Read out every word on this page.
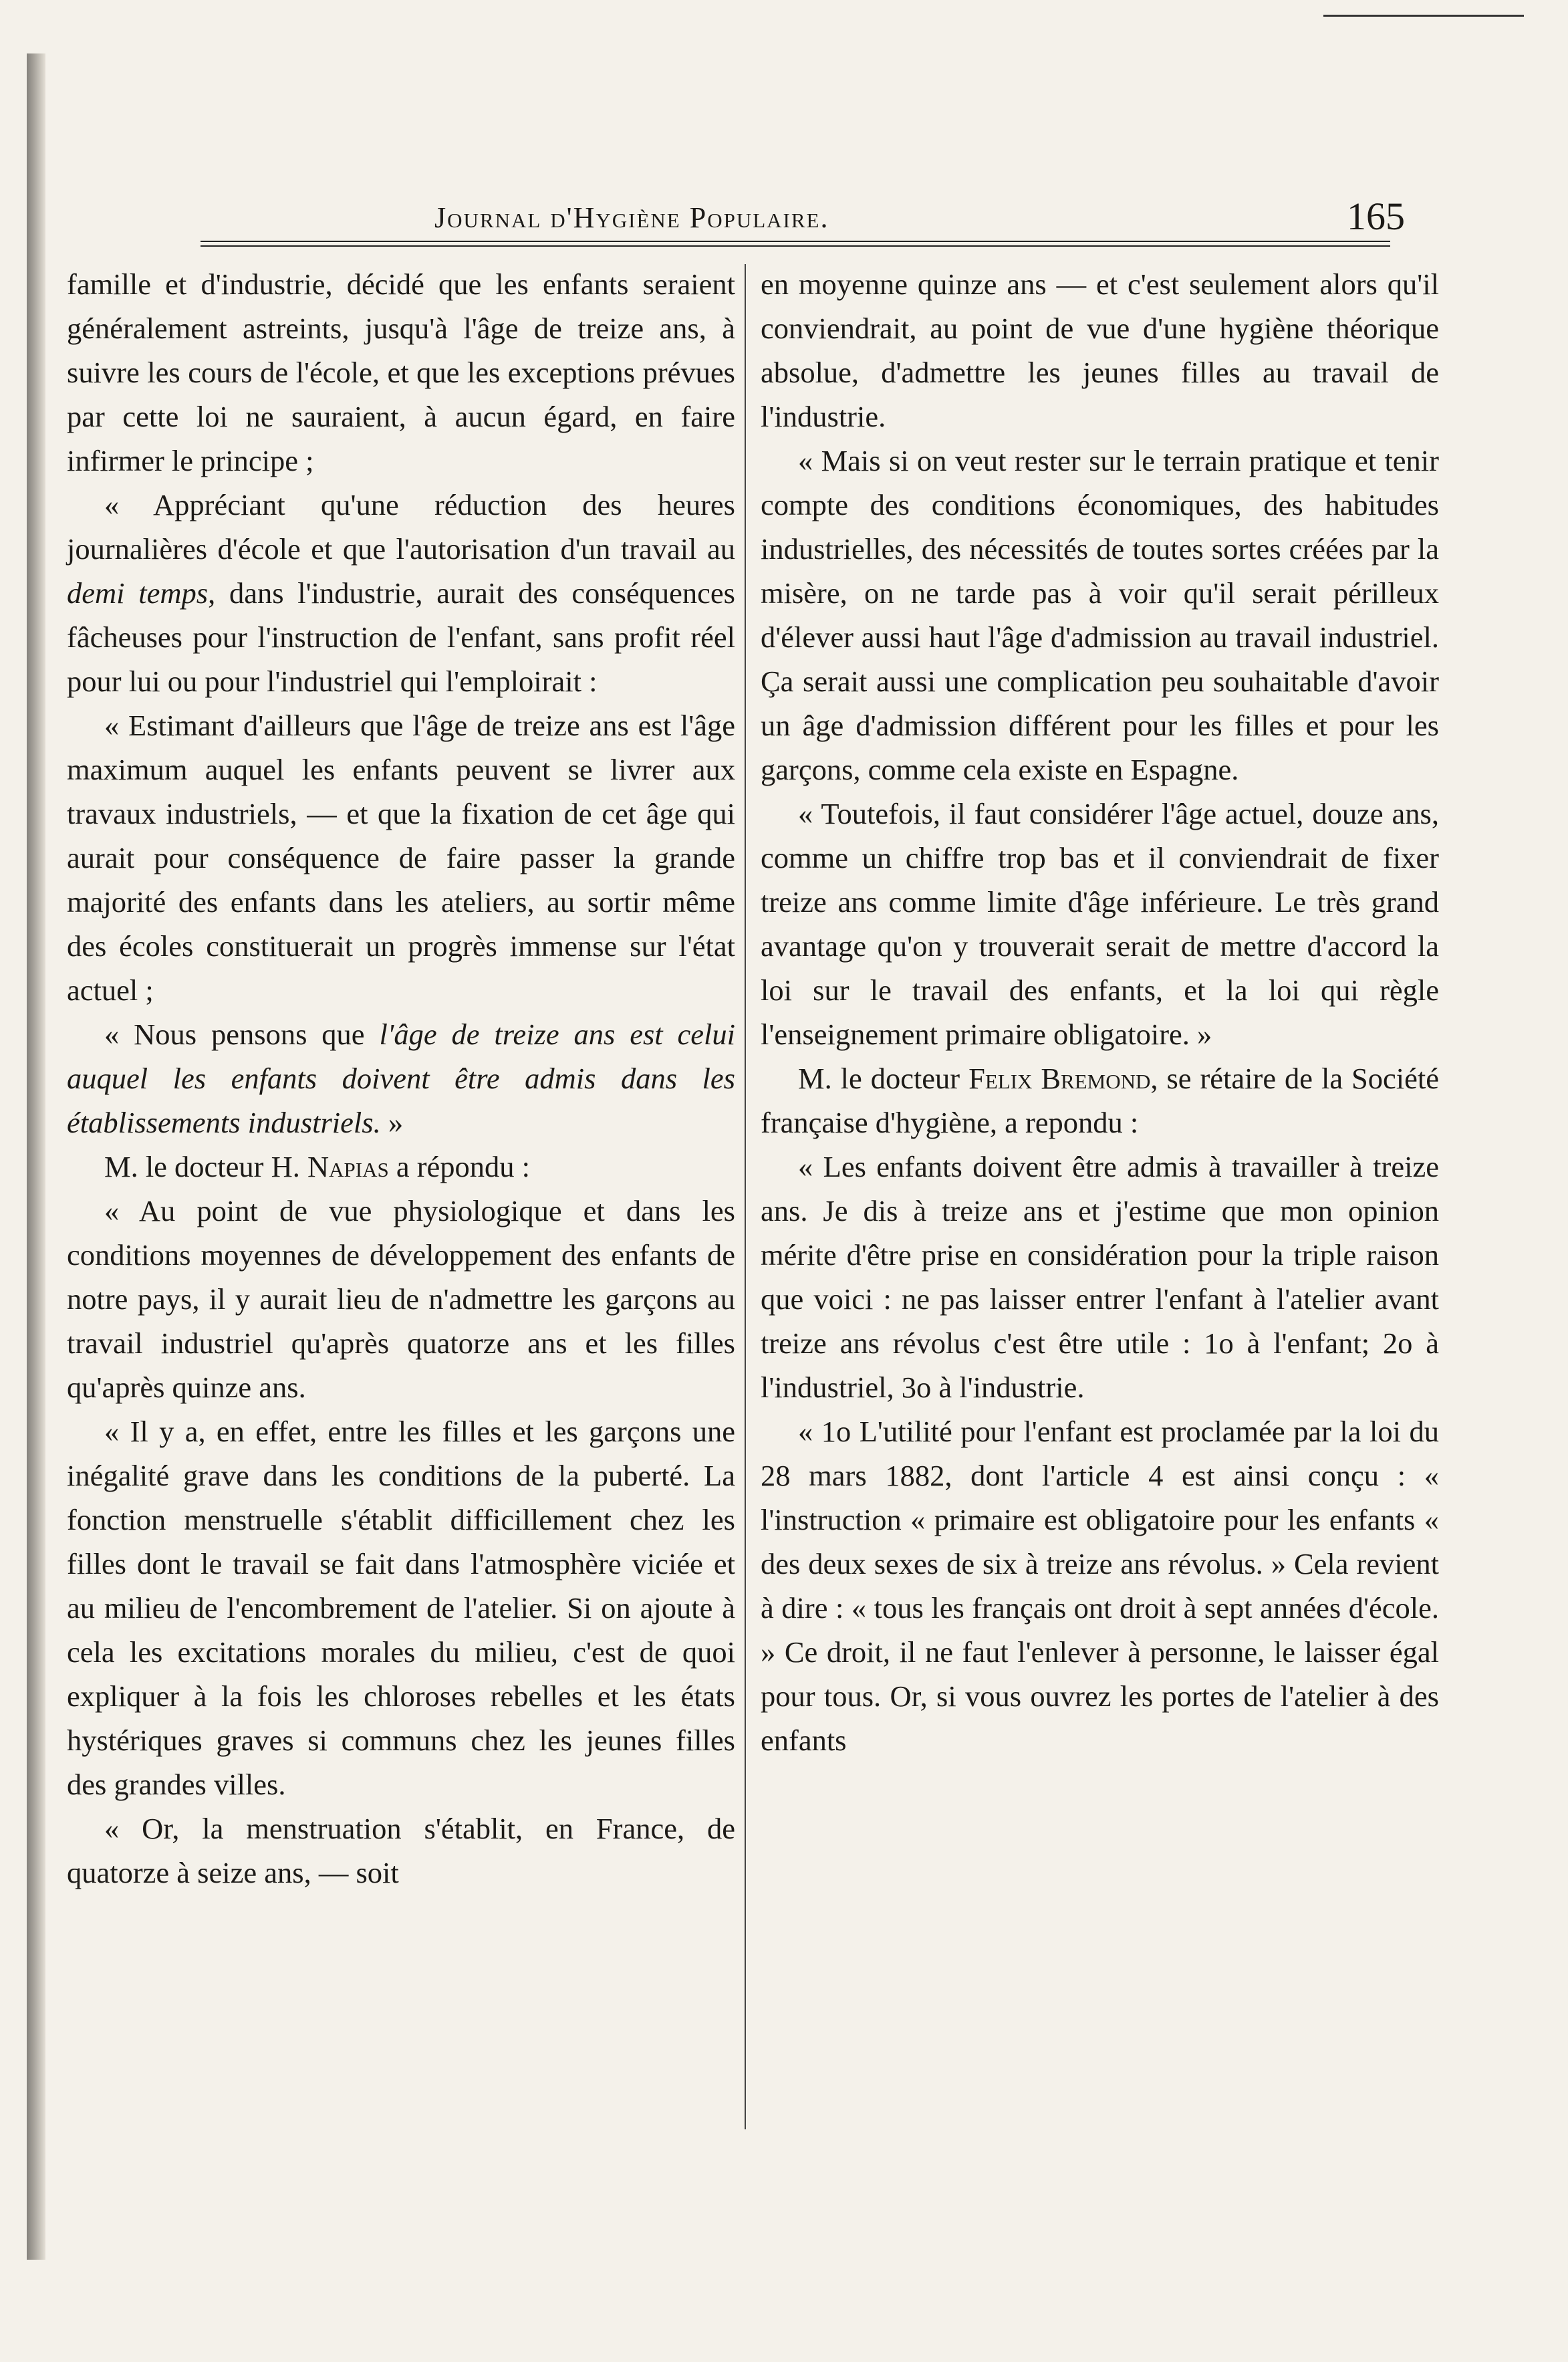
Journal d'Hygiène Populaire.	165

famille et d'industrie, décidé que les enfants seraient généralement astreints, jusqu'à l'âge de treize ans, à suivre les cours de l'école, et que les exceptions prévues par cette loi ne sauraient, à aucun égard, en faire infirmer le principe ;

« Appréciant qu'une réduction des heures journalières d'école et que l'autorisation d'un travail au demi temps, dans l'industrie, aurait des conséquences fâcheuses pour l'instruction de l'enfant, sans profit réel pour lui ou pour l'industriel qui l'emploirait :

« Estimant d'ailleurs que l'âge de treize ans est l'âge maximum auquel les enfants peuvent se livrer aux travaux industriels, — et que la fixation de cet âge qui aurait pour conséquence de faire passer la grande majorité des enfants dans les ateliers, au sortir même des écoles constituerait un progrès immense sur l'état actuel ;

« Nous pensons que l'âge de treize ans est celui auquel les enfants doivent être admis dans les établissements industriels. »

M. le docteur H. Napias a répondu :

« Au point de vue physiologique et dans les conditions moyennes de développement des enfants de notre pays, il y aurait lieu de n'admettre les garçons au travail industriel qu'après quatorze ans et les filles qu'après quinze ans.

« Il y a, en effet, entre les filles et les garçons une inégalité grave dans les conditions de la puberté. La fonction menstruelle s'établit difficillement chez les filles dont le travail se fait dans l'atmosphère viciée et au milieu de l'encombrement de l'atelier. Si on ajoute à cela les excitations morales du milieu, c'est de quoi expliquer à la fois les chloroses rebelles et les états hystériques graves si communs chez les jeunes filles des grandes villes.

« Or, la menstruation s'établit, en France, de quatorze à seize ans, — soit

en moyenne quinze ans — et c'est seulement alors qu'il conviendrait, au point de vue d'une hygiène théorique absolue, d'admettre les jeunes filles au travail de l'industrie.

« Mais si on veut rester sur le terrain pratique et tenir compte des conditions économiques, des habitudes industrielles, des nécessités de toutes sortes créées par la misère, on ne tarde pas à voir qu'il serait périlleux d'élever aussi haut l'âge d'admission au travail industriel. Ça serait aussi une complication peu souhaitable d'avoir un âge d'admission différent pour les filles et pour les garçons, comme cela existe en Espagne.

« Toutefois, il faut considérer l'âge actuel, douze ans, comme un chiffre trop bas et il conviendrait de fixer treize ans comme limite d'âge inférieure. Le très grand avantage qu'on y trouverait serait de mettre d'accord la loi sur le travail des enfants, et la loi qui règle l'enseignement primaire obligatoire. »

M. le docteur Felix Bremond, se rétaire de la Société française d'hygiène, a repondu :

« Les enfants doivent être admis à travailler à treize ans. Je dis à treize ans et j'estime que mon opinion mérite d'être prise en considération pour la triple raison que voici : ne pas laisser entrer l'enfant à l'atelier avant treize ans révolus c'est être utile : 1o à l'enfant; 2o à l'industriel, 3o à l'industrie.

« 1o L'utilité pour l'enfant est proclamée par la loi du 28 mars 1882, dont l'article 4 est ainsi conçu : « l'instruction « primaire est obligatoire pour les enfants « des deux sexes de six à treize ans révolus. » Cela revient à dire : « tous les français ont droit à sept années d'école. » Ce droit, il ne faut l'enlever à personne, le laisser égal pour tous. Or, si vous ouvrez les portes de l'atelier à des enfants
